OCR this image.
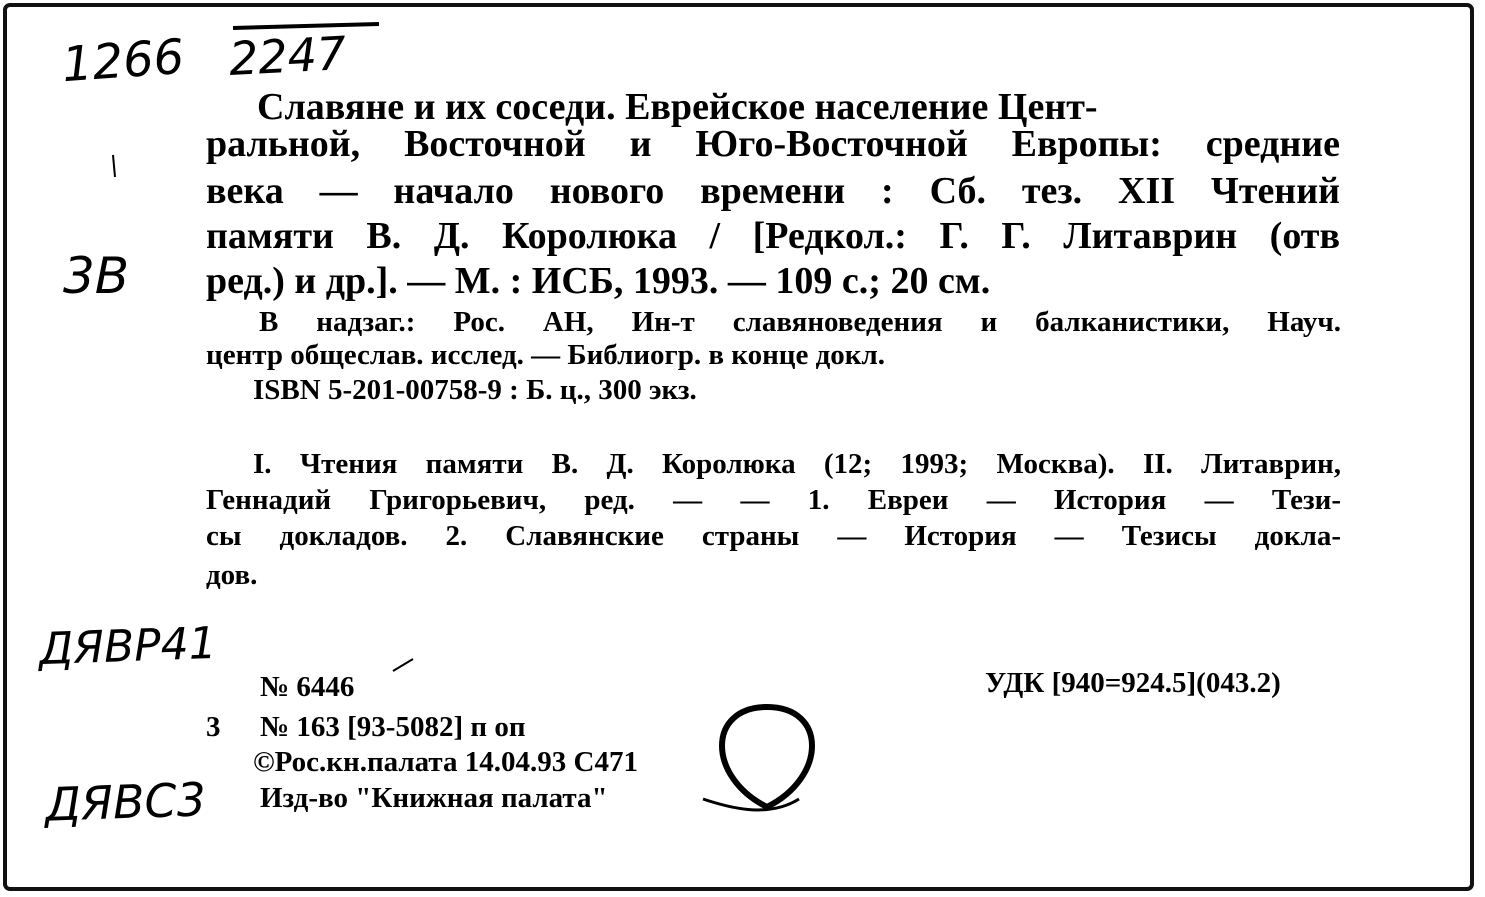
1266 2247
3B
ДЯВР41
ДЯВС3
Славяне и их соседи. Еврейское население Цент-
ральной, Восточной и Юго-Восточной Европы: средние
века — начало нового времени : Сб. тез. XII Чтений
памяти В. Д. Королюка / [Редкол.: Г. Г. Литаврин (отв
ред.) и др.]. — М. : ИСБ, 1993. — 109 с.; 20 см.
В надзаг.: Рос. АН, Ин-т славяноведения и балканистики, Науч.
центр общеслав. исслед. — Библиогр. в конце докл.
ISBN 5-201-00758-9 : Б. ц., 300 экз.
I. Чтения памяти В. Д. Королюка (12; 1993; Москва). II. Литаврин,
Геннадий Григорьевич, ред. — — 1. Евреи — История — Тези-
сы докладов. 2. Славянские страны — История — Тезисы докла-
дов.
№ 6446	УДК [940=924.5](043.2)
3 № 163 [93-5082] п оп
©Рос.кн.палата 14.04.93 С471
Изд-во "Книжная палата"
